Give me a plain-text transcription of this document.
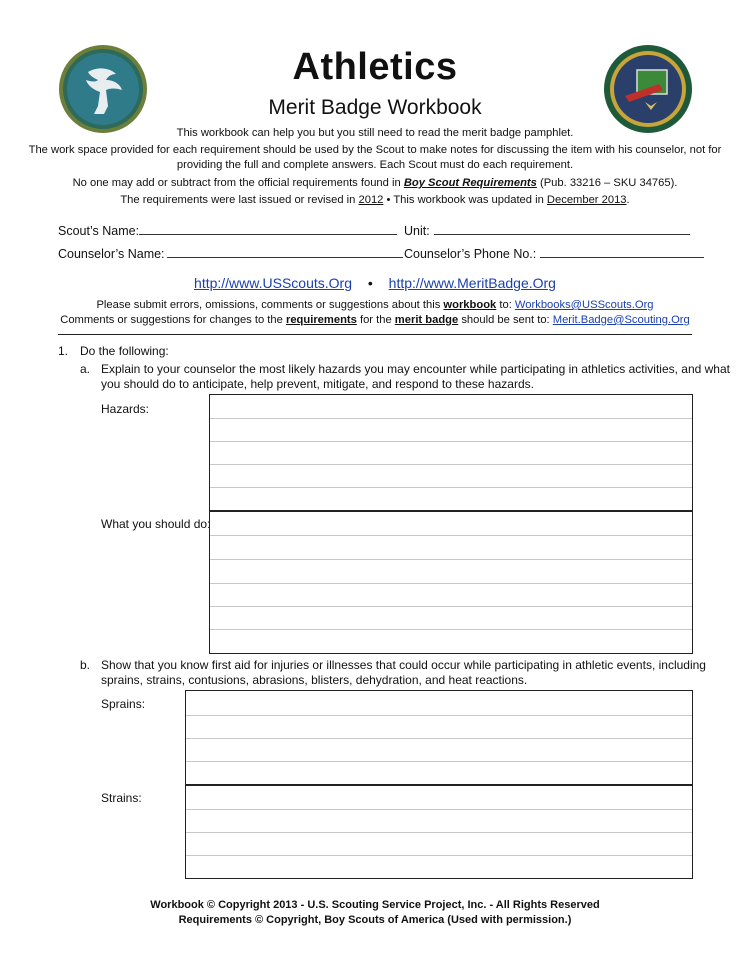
Athletics
Merit Badge Workbook
This workbook can help you but you still need to read the merit badge pamphlet.
The work space provided for each requirement should be used by the Scout to make notes for discussing the item with his counselor, not for
providing the full and complete answers. Each Scout must do each requirement.
No one may add or subtract from the official requirements found in Boy Scout Requirements (Pub. 33216 – SKU 34765).
The requirements were last issued or revised in 2012 • This workbook was updated in December 2013.
Scout’s Name:	Unit:
Counselor’s Name:	Counselor’s Phone No.:
http://www.USScouts.Org • http://www.MeritBadge.Org
Please submit errors, omissions, comments or suggestions about this workbook to: Workbooks@USScouts.Org
Comments or suggestions for changes to the requirements for the merit badge should be sent to: Merit.Badge@Scouting.Org
1. Do the following:
a. Explain to your counselor the most likely hazards you may encounter while participating in athletics activities, and what
you should do to anticipate, help prevent, mitigate, and respond to these hazards.
Hazards:
What you should do:
b. Show that you know first aid for injuries or illnesses that could occur while participating in athletic events, including
sprains, strains, contusions, abrasions, blisters, dehydration, and heat reactions.
Sprains:
Strains:
Workbook © Copyright 2013 - U.S. Scouting Service Project, Inc. - All Rights Reserved
Requirements © Copyright, Boy Scouts of America (Used with permission.)
